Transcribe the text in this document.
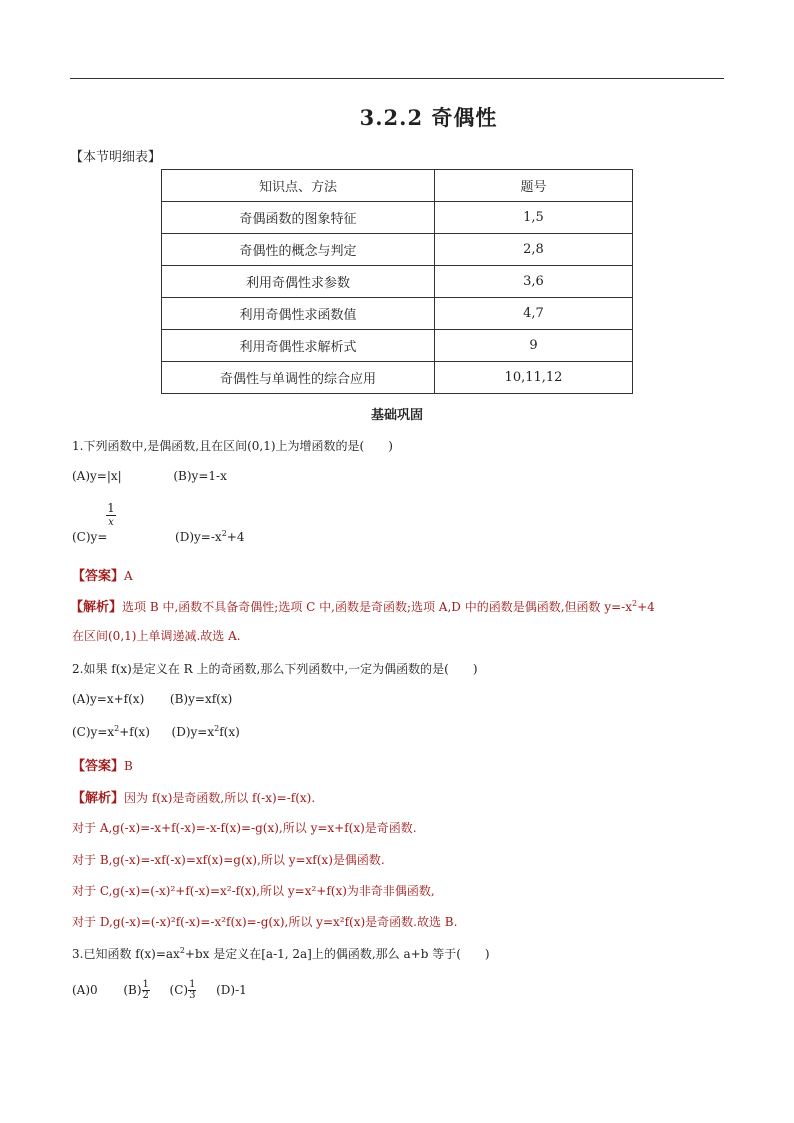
3.2.2 奇偶性
【本节明细表】
知识点、方法	题号
奇偶函数的图象特征	1,5
奇偶性的概念与判定	2,8
利用奇偶性求参数	3,6
利用奇偶性求函数值	4,7
利用奇偶性求解析式	9
奇偶性与单调性的综合应用	10,11,12
基础巩固
1.下列函数中,是偶函数,且在区间(0,1)上为增函数的是(　　)
(A)y=|x|	(B)y=1-x
1
x
(C)y=	$(D)y=-x^2+4$
【答案】A
【解析】选项 B 中,函数不具备奇偶性;选项 C 中,函数是奇函数;选项 A,D 中的函数是偶函数,但函数 $y=-x^2+4$
在区间(0,1)上单调递减.故选 A.
2.如果 f(x)是定义在 R 上的奇函数,那么下列函数中,一定为偶函数的是(　　)
(A)y=x+f(x) (B)y=xf(x)
$(C)y=x^2+f(x)$ $(D)y=x^2f(x)$
【答案】B
【解析】因为 f(x)是奇函数,所以 f(-x)=-f(x).
对于 A,g(-x)=-x+f(-x)=-x-f(x)=-g(x),所以 y=x+f(x)是奇函数.
对于 B,g(-x)=-xf(-x)=xf(x)=g(x),所以 y=xf(x)是偶函数.
对于 C,g(-x)=(-x)²+f(-x)=x²-f(x),所以 y=x²+f(x)为非奇非偶函数,
对于 D,g(-x)=(-x)²f(-x)=-x²f(x)=-g(x),所以 y=x²f(x)是奇函数.故选 B.
3.已知函数 $f(x)=ax^2+bx$ 是定义在[a-1, 2a]上的偶函数,那么 a+b 等于(　　)
(A)0 $(B) \frac{1}{2} (C) \frac{1}{3} (D)-1$
